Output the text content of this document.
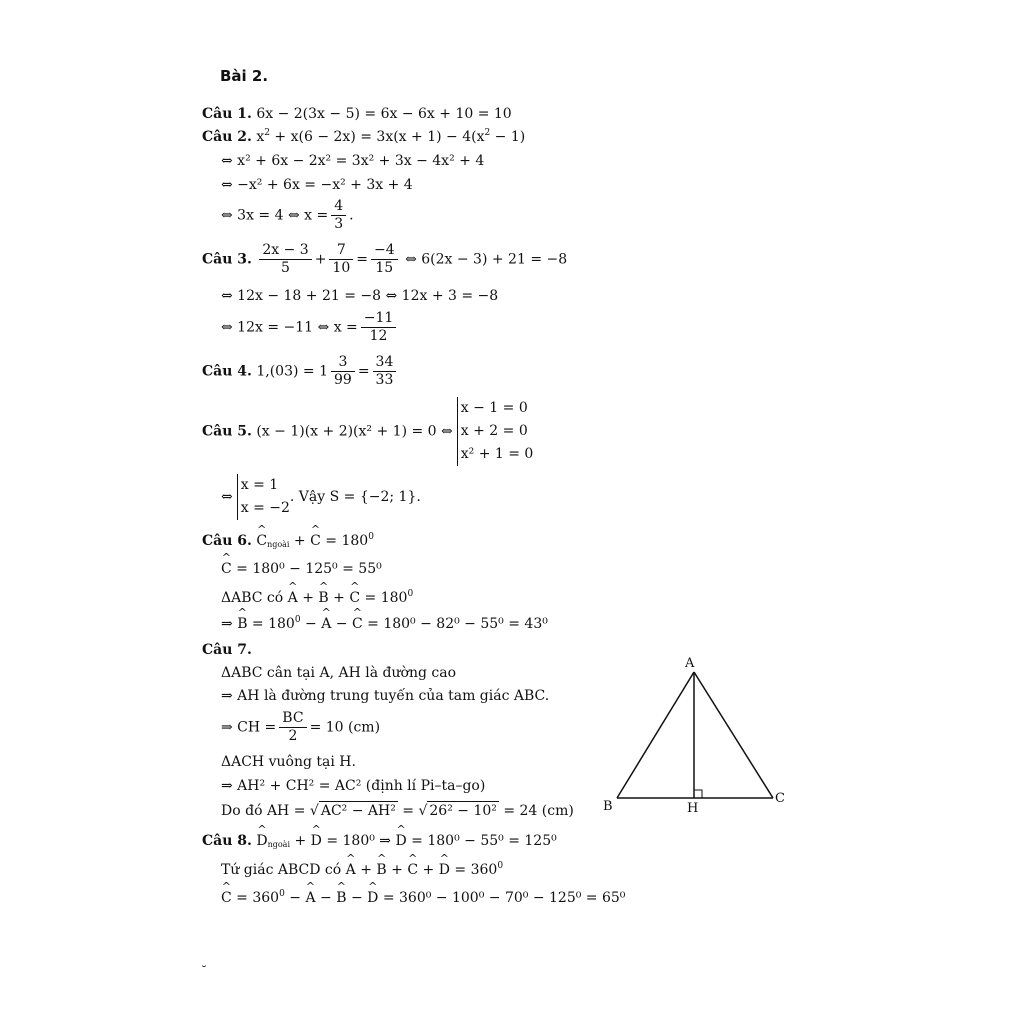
Bài 2.
Câu 1. 6x − 2(3x − 5) = 6x − 6x + 10 = 10
Câu 2. $x^2 + x(6 - 2x) = 3x(x + 1) - 4(x^2 - 1)$
⇔ x² + 6x − 2x² = 3x² + 3x − 4x² + 4
⇔ −x² + 6x = −x² + 3x + 4
⇔ 3x = 4 ⇔ $x = \frac{4}{3}$ .
Câu 3. $\frac{2x - 3}{5} + \frac{7}{10} = \frac{-4}{15}$ ⇔ 6(2x − 3) + 21 = −8
⇔ 12x − 18 + 21 = −8 ⇔ 12x + 3 = −8
⇔ 12x = −11 ⇔ $x = \frac{-11}{12}$
Câu 4. $1,(03) = 1 \frac{3}{99} = \frac{34}{33}$
Câu 5. (x − 1)(x + 2)(x² + 1) = 0 ⇔
x − 1 = 0
x + 2 = 0
x² + 1 = 0
⇔
x = 1
x = −2
. Vậy S = {−2; 1}.
Câu 6. ^ $C_{ngoài}$ + ^ $C = 180^0$
^ C = 180⁰ − 125⁰ = 55⁰
ΔABC có ^ A + ^ B + ^ $C = 180^0$
⇒ ^ $B = 180^0$ − ^ A − ^ C = 180⁰ − 82⁰ − 55⁰ = 43⁰
Câu 7.
ΔABC cân tại A, AH là đường cao
⇒ AH là đường trung tuyến của tam giác ABC.
⇒ CH = $\frac{BC}{2} = 10$ (cm)
ΔACH vuông tại H.
⇒ AH² + CH² = AC² (định lí Pi–ta–go)
Do đó AH = √ AC² − AH² = √ 26² − 10² = 24 (cm)
A
B
C
H
Câu 8. ^ $D_{ngoài}$ + ^ D = 180⁰ ⇒ ^ D = 180⁰ − 55⁰ = 125⁰
Tứ giác ABCD có ^ A + ^ B + ^ C + ^ $D = 360^0$
^ $C = 360^0$ − ^ A − ^ B − ^ D = 360⁰ − 100⁰ − 70⁰ − 125⁰ = 65⁰
˘
